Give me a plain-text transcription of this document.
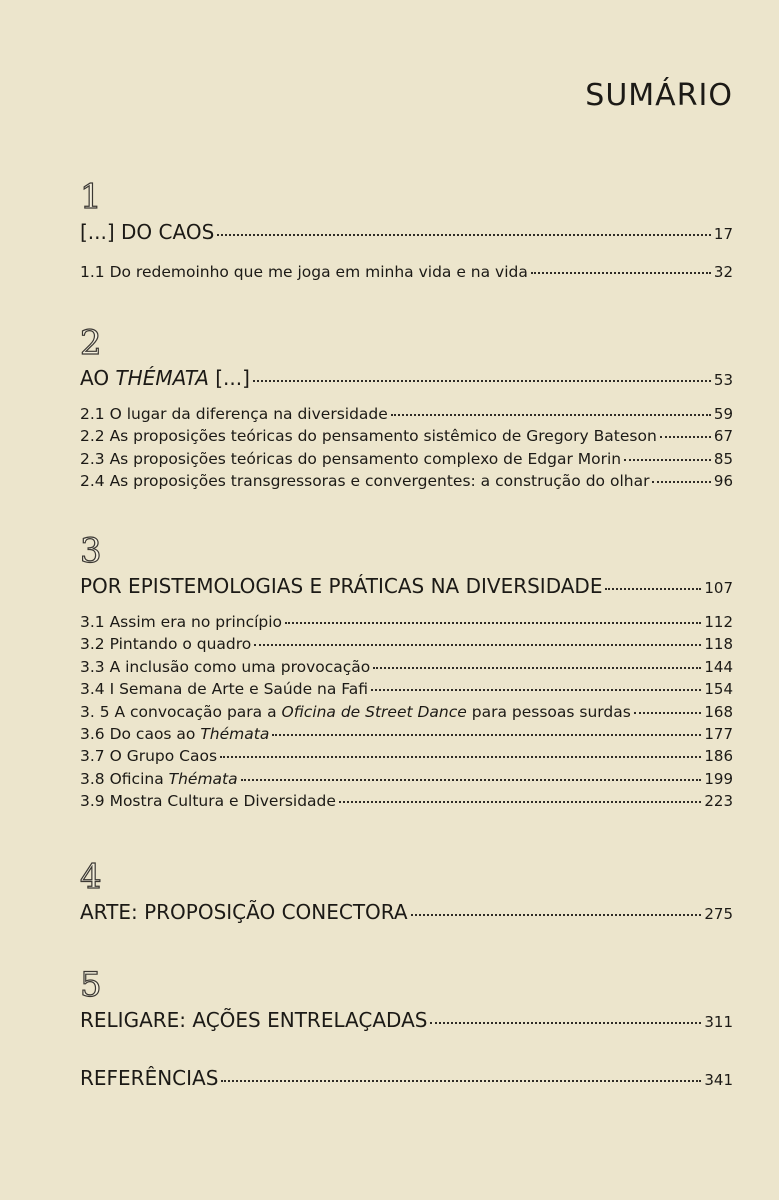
SUMÁRIO
1
[...] DO CAOS	17
1.1 Do redemoinho que me joga em minha vida e na vida	32
2
AO THÉMATA [...]	53
2.1 O lugar da diferença na diversidade	59
2.2 As proposições teóricas do pensamento sistêmico de Gregory Bateson	67
2.3 As proposições teóricas do pensamento complexo de Edgar Morin	85
2.4 As proposições transgressoras e convergentes: a construção do olhar	96
3
POR EPISTEMOLOGIAS E PRÁTICAS NA DIVERSIDADE	107
3.1 Assim era no princípio	112
3.2 Pintando o quadro	118
3.3 A inclusão como uma provocação	144
3.4 I Semana de Arte e Saúde na Fafi	154
3. 5 A convocação para a Oficina de Street Dance para pessoas surdas	168
3.6 Do caos ao Thémata	177
3.7 O Grupo Caos	186
3.8 Oficina Thémata	199
3.9 Mostra Cultura e Diversidade	223
4
ARTE: PROPOSIÇÃO CONECTORA	275
5
RELIGARE: AÇÕES ENTRELAÇADAS	311
REFERÊNCIAS	341
